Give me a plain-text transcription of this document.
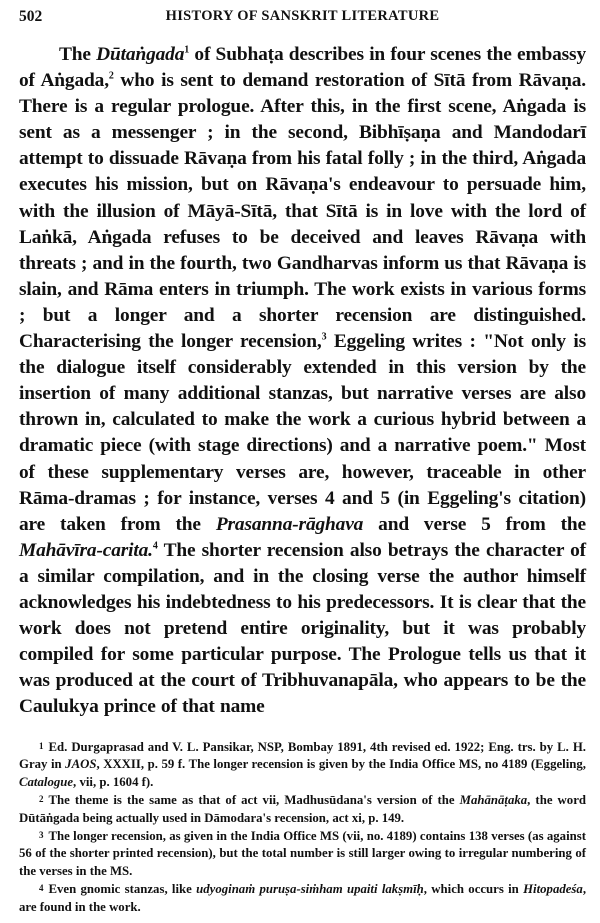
502	HISTORY OF SANSKRIT LITERATURE
The Dūtaṅgada$^1$ of Subhaṭa describes in four scenes the embassy of Aṅgada,$^2$ who is sent to demand restoration of Sītā from Rāvaṇa. There is a regular prologue. After this, in the first scene, Aṅgada is sent as a messenger ; in the second, Bibhīṣaṇa and Mandodarī attempt to dissuade Rāvaṇa from his fatal folly ; in the third, Aṅgada executes his mission, but on Rāvaṇa's endeavour to persuade him, with the illusion of Māyā-Sītā, that Sītā is in love with the lord of Laṅkā, Aṅgada refuses to be deceived and leaves Rāvaṇa with threats ; and in the fourth, two Gandharvas inform us that Rāvaṇa is slain, and Rāma enters in triumph. The work exists in various forms ; but a longer and a shorter recension are distinguished. Characterising the longer recension,$^3$ Eggeling writes : "Not only is the dialogue itself considerably extended in this version by the insertion of many additional stanzas, but narrative verses are also thrown in, calculated to make the work a curious hybrid between a dramatic piece (with stage directions) and a narrative poem." Most of these supplementary verses are, however, traceable in other Rāma-dramas ; for instance, verses 4 and 5 (in Eggeling's citation) are taken from the Prasanna-rāghava and verse 5 from the Mahāvīra-carita.$^4$ The shorter recension also betrays the character of a similar compilation, and in the closing verse the author himself acknowledges his indebtedness to his predecessors. It is clear that the work does not pretend entire originality, but it was probably compiled for some particular purpose. The Prologue tells us that it was produced at the court of Tribhuvanapāla, who appears to be the Caulukya prince of that name

1 Ed. Durgaprasad and V. L. Pansikar, NSP, Bombay 1891, 4th revised ed. 1922; Eng. trs. by L. H. Gray in JAOS, XXXII, p. 59 f. The longer recension is given by the India Office MS, no 4189 (Eggeling, Catalogue, vii, p. 1604 f).

2 The theme is the same as that of act vii, Madhusūdana's version of the Mahānāṭaka, the word Dūtāṅgada being actually used in Dāmodara's recension, act xi, p. 149.

3 The longer recension, as given in the India Office MS (vii, no. 4189) contains 138 verses (as against 56 of the shorter printed recension), but the total number is still larger owing to irregular numbering of the verses in the MS.

4 Even gnomic stanzas, like udyoginaṁ puruṣa-siṁham upaiti lakṣmīḥ, which occurs in Hitopadeśa, are found in the work.
